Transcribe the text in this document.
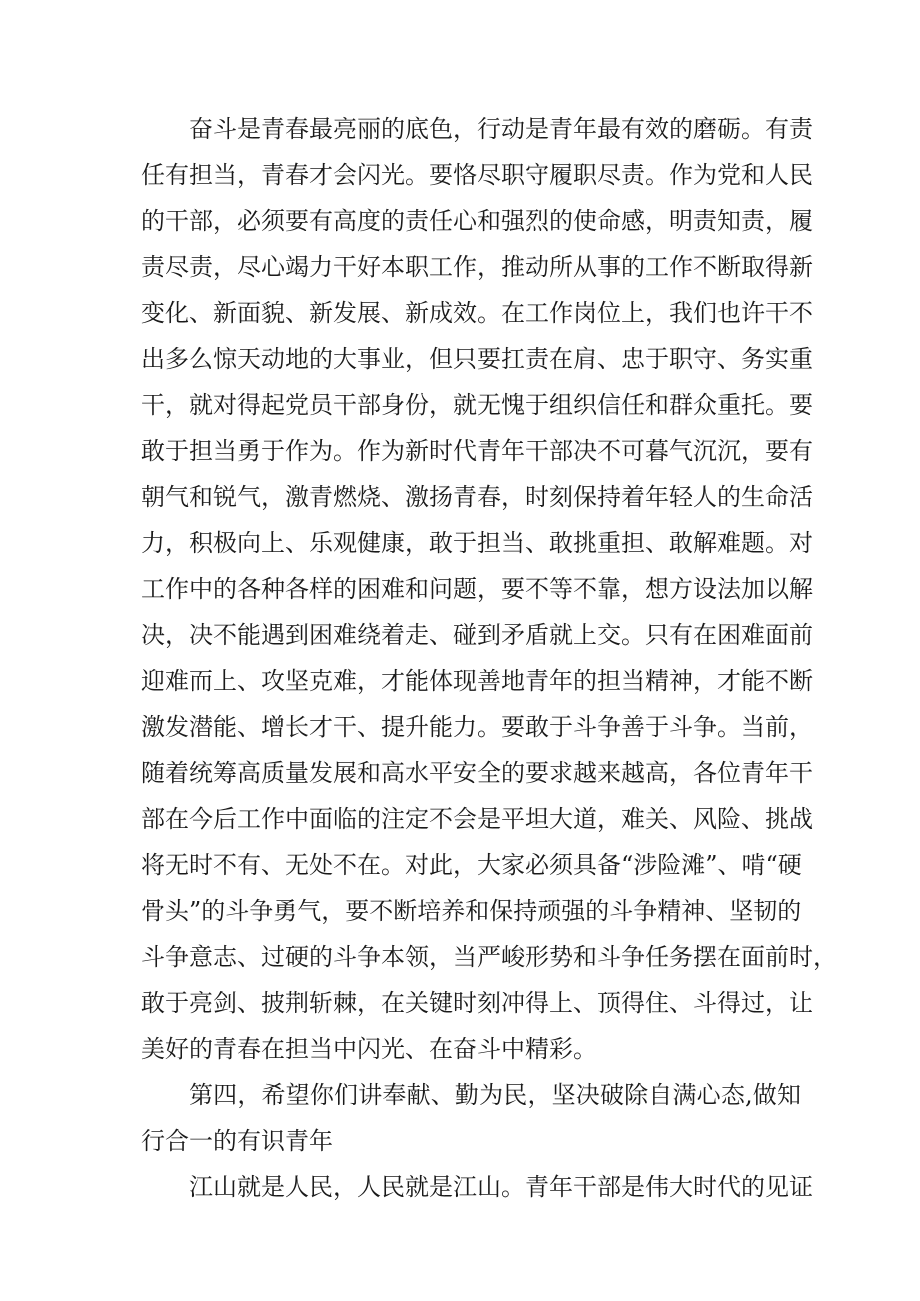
奋斗是青春最亮丽的底色，行动是青年最有效的磨砺。有责
任有担当，青春才会闪光。要恪尽职守履职尽责。作为党和人民
的干部，必须要有高度的责任心和强烈的使命感，明责知责，履
责尽责，尽心竭力干好本职工作，推动所从事的工作不断取得新
变化、新面貌、新发展、新成效。在工作岗位上，我们也许干不
出多么惊天动地的大事业，但只要扛责在肩、忠于职守、务实重
干，就对得起党员干部身份，就无愧于组织信任和群众重托。要
敢于担当勇于作为。作为新时代青年干部决不可暮气沉沉，要有
朝气和锐气，激青燃烧、激扬青春，时刻保持着年轻人的生命活
力，积极向上、乐观健康，敢于担当、敢挑重担、敢解难题。对
工作中的各种各样的困难和问题，要不等不靠，想方设法加以解
决，决不能遇到困难绕着走、碰到矛盾就上交。只有在困难面前
迎难而上、攻坚克难，才能体现善地青年的担当精神，才能不断
激发潜能、增长才干、提升能力。要敢于斗争善于斗争。当前，
随着统筹高质量发展和高水平安全的要求越来越高，各位青年干
部在今后工作中面临的注定不会是平坦大道，难关、风险、挑战
将无时不有、无处不在。对此，大家必须具备“涉险滩”、啃“硬
骨头”的斗争勇气，要不断培养和保持顽强的斗争精神、坚韧的
斗争意志、过硬的斗争本领，当严峻形势和斗争任务摆在面前时，
敢于亮剑、披荆斩棘，在关键时刻冲得上、顶得住、斗得过，让
美好的青春在担当中闪光、在奋斗中精彩。
第四，希望你们讲奉献、勤为民，坚决破除自满心态,做知
行合一的有识青年
江山就是人民，人民就是江山。青年干部是伟大时代的见证
